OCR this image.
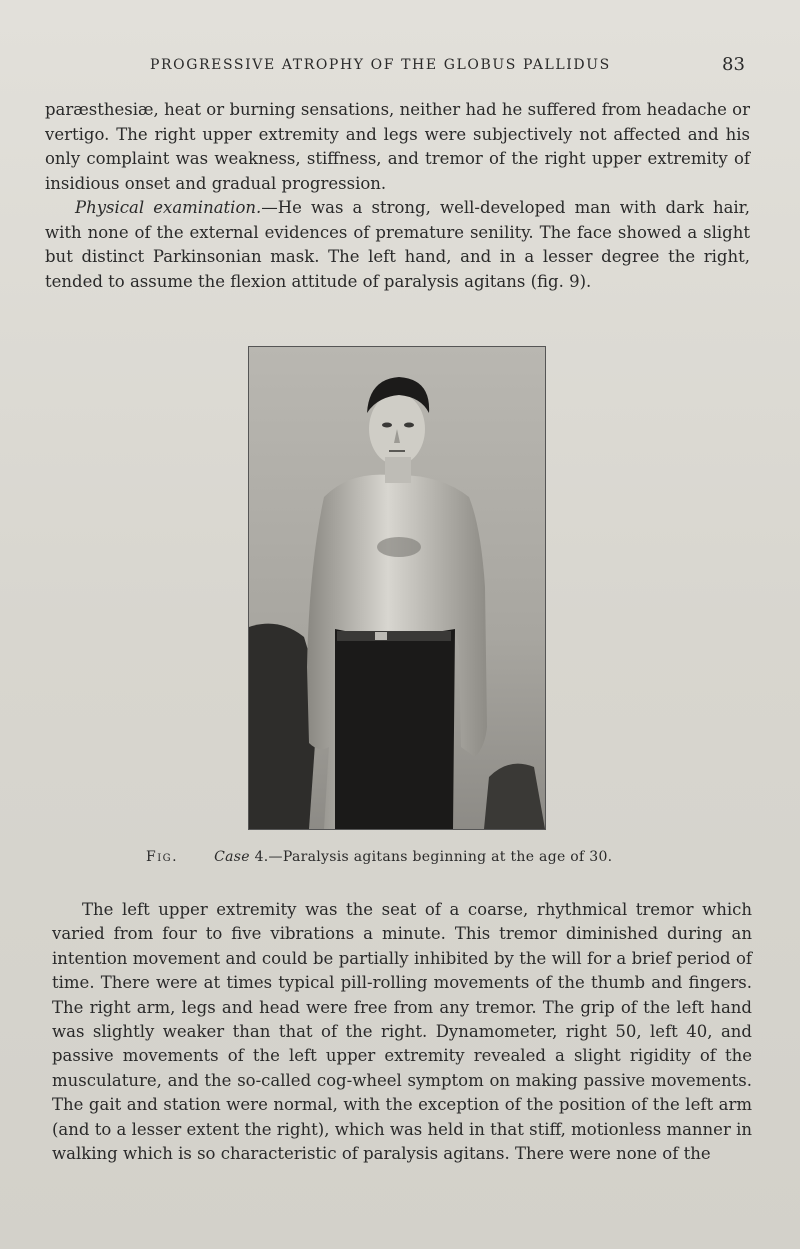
PROGRESSIVE ATROPHY OF THE GLOBUS PALLIDUS	83

parӕsthesiӕ, heat or burning sensations, neither had he suffered from headache or vertigo. The right upper extremity and legs were subjectively not affected and his only complaint was weakness, stiffness, and tremor of the right upper extremity of insidious onset and gradual progression.

Physical examination.—He was a strong, well-developed man with dark hair, with none of the external evidences of premature senility. The face showed a slight but distinct Parkinsonian mask. The left hand, and in a lesser degree the right, tended to assume the flexion attitude of paralysis agitans (fig. 9).

Fig.	Case 4.—Paralysis agitans beginning at the age of 30.

The left upper extremity was the seat of a coarse, rhythmical tremor which varied from four to five vibrations a minute. This tremor diminished during an intention movement and could be partially inhibited by the will for a brief period of time. There were at times typical pill-rolling movements of the thumb and fingers. The right arm, legs and head were free from any tremor. The grip of the left hand was slightly weaker than that of the right. Dynamometer, right 50, left 40, and passive movements of the left upper extremity revealed a slight rigidity of the musculature, and the so-called cog-wheel symptom on making passive movements. The gait and station were normal, with the exception of the position of the left arm (and to a lesser extent the right), which was held in that stiff, motionless manner in walking which is so characteristic of paralysis agitans. There were none of the
